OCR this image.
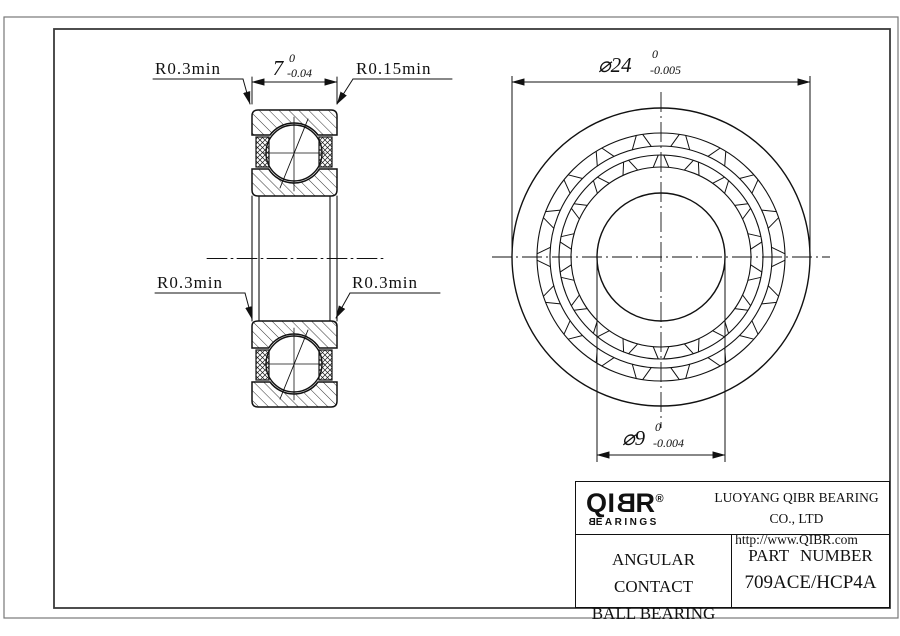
7 0
-0.04
R0.3min	R0.15min
R0.3min	R0.3min
⌀24 0
-0.005
⌀9 0
-0.004
QIBR®
BEARINGS
LUOYANG QIBR BEARING CO., LTD
http://www.QIBR.com
ANGULAR CONTACT
BALL BEARING
PART NUMBER
709ACE/HCP4A
